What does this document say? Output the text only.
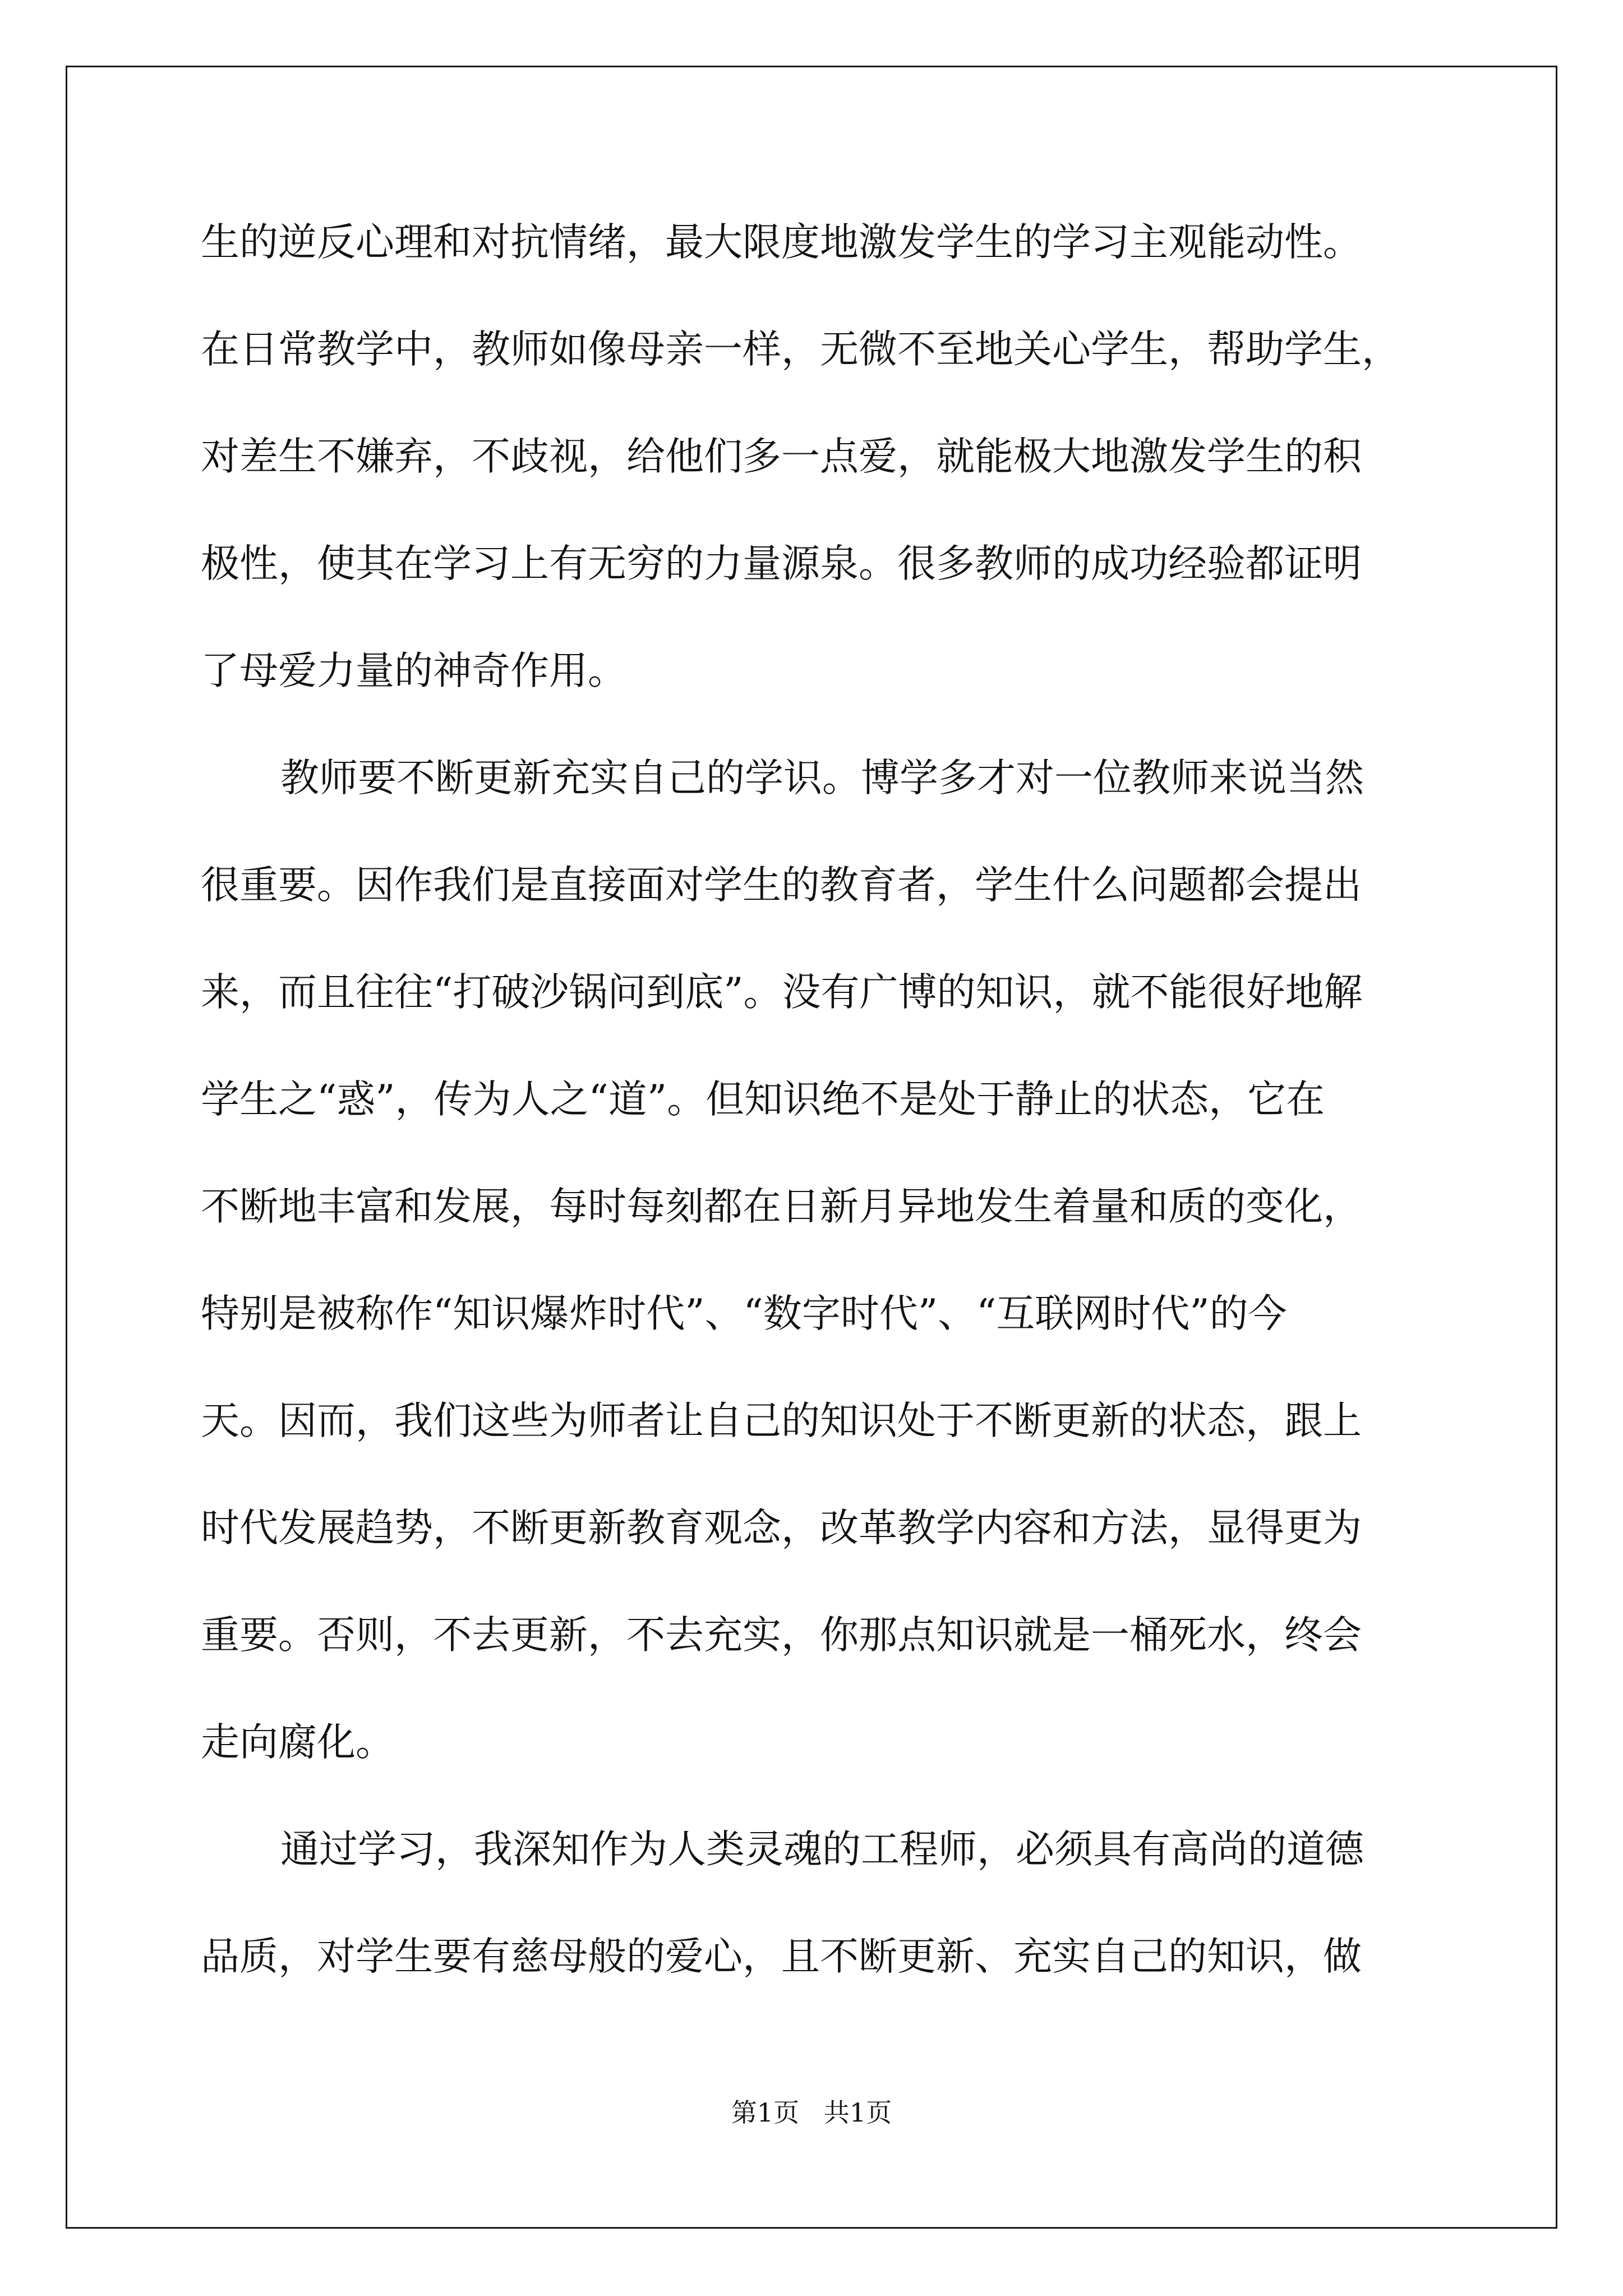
生的逆反心理和对抗情绪，最大限度地激发学生的学习主观能动性。

在日常教学中，教师如像母亲一样，无微不至地关心学生，帮助学生，

对差生不嫌弃，不歧视，给他们多一点爱，就能极大地激发学生的积

极性，使其在学习上有无穷的力量源泉。很多教师的成功经验都证明

了母爱力量的神奇作用。

教师要不断更新充实自己的学识。博学多才对一位教师来说当然

很重要。因作我们是直接面对学生的教育者，学生什么问题都会提出

来，而且往往“打破沙锅问到底”。没有广博的知识，就不能很好地解

学生之“惑”，传为人之“道”。但知识绝不是处于静止的状态，它在

不断地丰富和发展，每时每刻都在日新月异地发生着量和质的变化，

特别是被称作“知识爆炸时代”、“数字时代”、“互联网时代”的今

天。因而，我们这些为师者让自己的知识处于不断更新的状态，跟上

时代发展趋势，不断更新教育观念，改革教学内容和方法，显得更为

重要。否则，不去更新，不去充实，你那点知识就是一桶死水，终会

走向腐化。

通过学习，我深知作为人类灵魂的工程师，必须具有高尚的道德

品质，对学生要有慈母般的爱心，且不断更新、充实自己的知识，做

第1页   共1页
